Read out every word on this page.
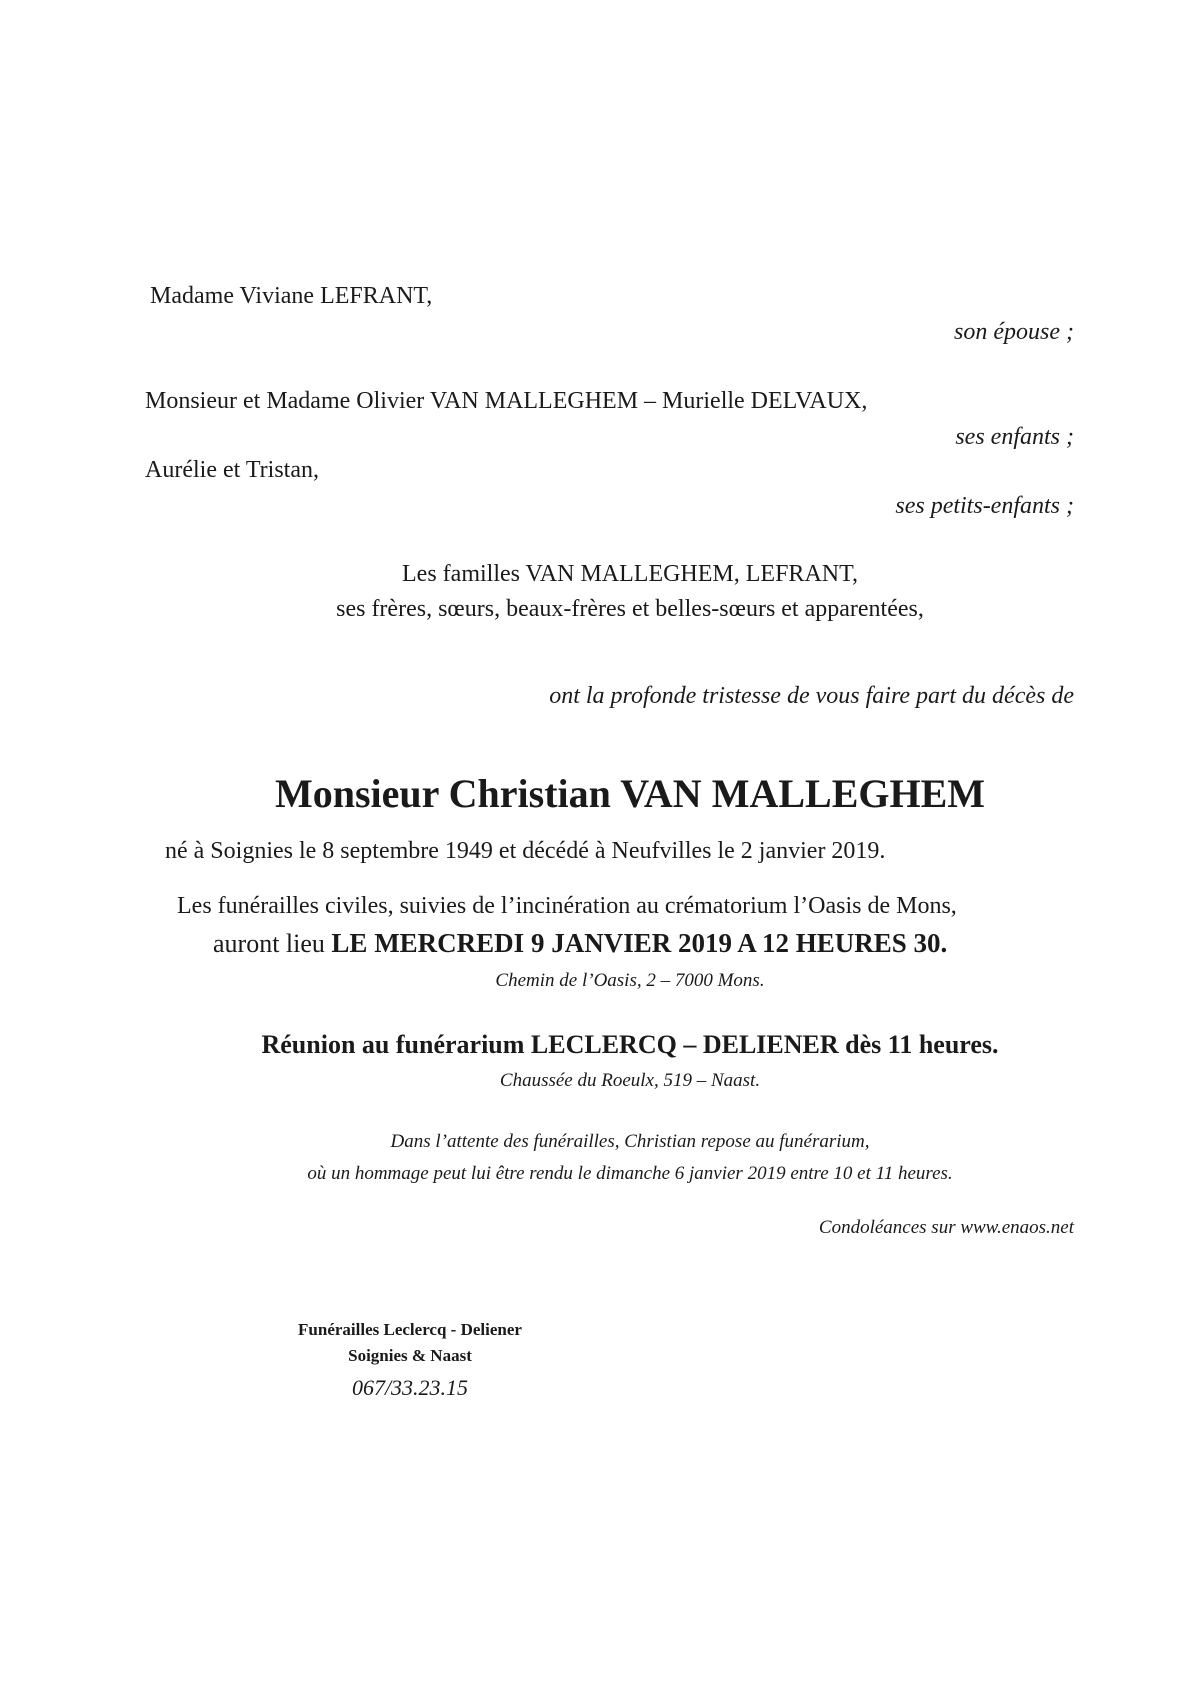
Madame Viviane LEFRANT,
son épouse ;
Monsieur et Madame Olivier VAN MALLEGHEM – Murielle DELVAUX,
ses enfants ;
Aurélie et Tristan,
ses petits-enfants ;
Les familles VAN MALLEGHEM, LEFRANT,
ses frères, sœurs, beaux-frères et belles-sœurs et apparentées,
ont la profonde tristesse de vous faire part du décès de
Monsieur Christian VAN MALLEGHEM
né à Soignies le 8 septembre 1949 et décédé à Neufvilles le 2 janvier 2019.
Les funérailles civiles, suivies de l’incinération au crématorium l’Oasis de Mons,
auront lieu LE MERCREDI 9 JANVIER 2019 A 12 HEURES 30.
Chemin de l’Oasis, 2 – 7000 Mons.
Réunion au funérarium LECLERCQ – DELIENER dès 11 heures.
Chaussée du Roeulx, 519 – Naast.
Dans l’attente des funérailles, Christian repose au funérarium,
où un hommage peut lui être rendu le dimanche 6 janvier 2019 entre 10 et 11 heures.
Condoléances sur www.enaos.net
Funérailles Leclercq - Deliener
Soignies & Naast
067/33.23.15
